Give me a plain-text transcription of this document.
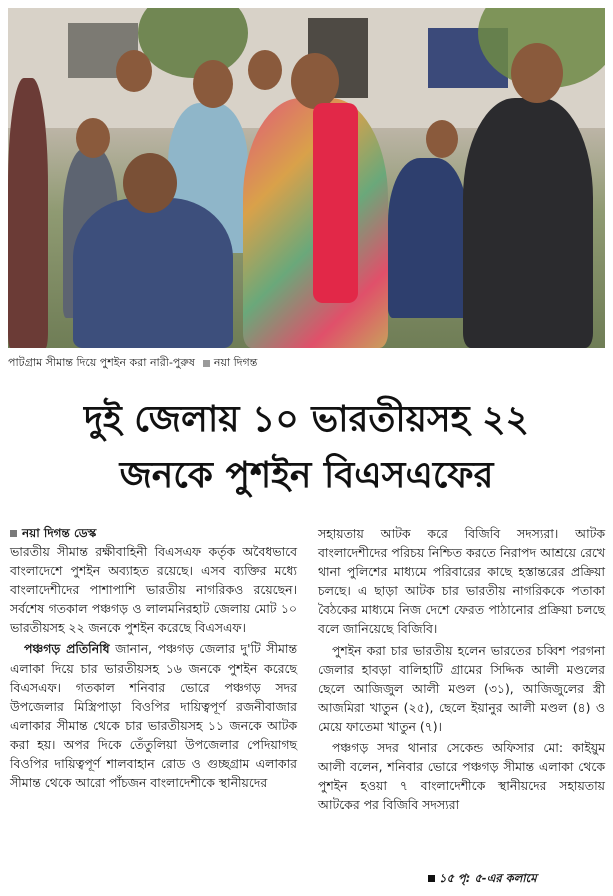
পাটগ্রাম সীমান্ত দিয়ে পুশইন করা নারী-পুরুষ নয়া দিগন্ত
দুই জেলায় ১০ ভারতীয়সহ ২২
জনকে পুশইন বিএসএফের
নয়া দিগন্ত ডেস্ক

ভারতীয় সীমান্ত রক্ষীবাহিনী বিএসএফ কর্তৃক অবৈধভাবে বাংলাদেশে পুশইন অব্যাহত রয়েছে। এসব ব্যক্তির মধ্যে বাংলাদেশীদের পাশাপাশি ভারতীয় নাগরিকও রয়েছেন। সর্বশেষ গতকাল পঞ্চগড় ও লালমনিরহাট জেলায় মোট ১০ ভারতীয়সহ ২২ জনকে পুশইন করেছে বিএসএফ।

পঞ্চগড় প্রতিনিধি জানান, পঞ্চগড় জেলার দু'টি সীমান্ত এলাকা দিয়ে চার ভারতীয়সহ ১৬ জনকে পুশইন করেছে বিএসএফ। গতকাল শনিবার ভোরে পঞ্চগড় সদর উপজেলার মিস্ত্রিপাড়া বিওপির দায়িত্বপূর্ণ রজনীবাজার এলাকার সীমান্ত থেকে চার ভারতীয়সহ ১১ জনকে আটক করা হয়। অপর দিকে তেঁতুলিয়া উপজেলার পেদিয়াগছ বিওপির দায়িত্বপূর্ণ শালবাহান রোড ও গুচ্ছগ্রাম এলাকার সীমান্ত থেকে আরো পাঁচজন বাংলাদেশীকে স্থানীয়দের

সহায়তায় আটক করে বিজিবি সদস্যরা। আটক বাংলাদেশীদের পরিচয় নিশ্চিত করতে নিরাপদ আশ্রয়ে রেখে থানা পুলিশের মাধ্যমে পরিবারের কাছে হস্তান্তরের প্রক্রিয়া চলছে। এ ছাড়া আটক চার ভারতীয় নাগরিককে পতাকা বৈঠকের মাধ্যমে নিজ দেশে ফেরত পাঠানোর প্রক্রিয়া চলছে বলে জানিয়েছে বিজিবি।

পুশইন করা চার ভারতীয় হলেন ভারতের চব্বিশ পরগনা জেলার হাবড়া বালিহাটি গ্রামের সিদ্দিক আলী মণ্ডলের ছেলে আজিজুল আলী মণ্ডল (৩১), আজিজুলের স্ত্রী আজমিরা খাতুন (২৫), ছেলে ইয়ানুর আলী মণ্ডল (৪) ও মেয়ে ফাতেমা খাতুন (৭)।

পঞ্চগড় সদর থানার সেকেন্ড অফিসার মো: কাইয়ুম আলী বলেন, শনিবার ভোরে পঞ্চগড় সীমান্ত এলাকা থেকে পুশইন হওয়া ৭ বাংলাদেশীকে স্থানীয়দের সহায়তায় আটকের পর বিজিবি সদস্যরা

১৫ পৃ: ৫-এর কলামে
